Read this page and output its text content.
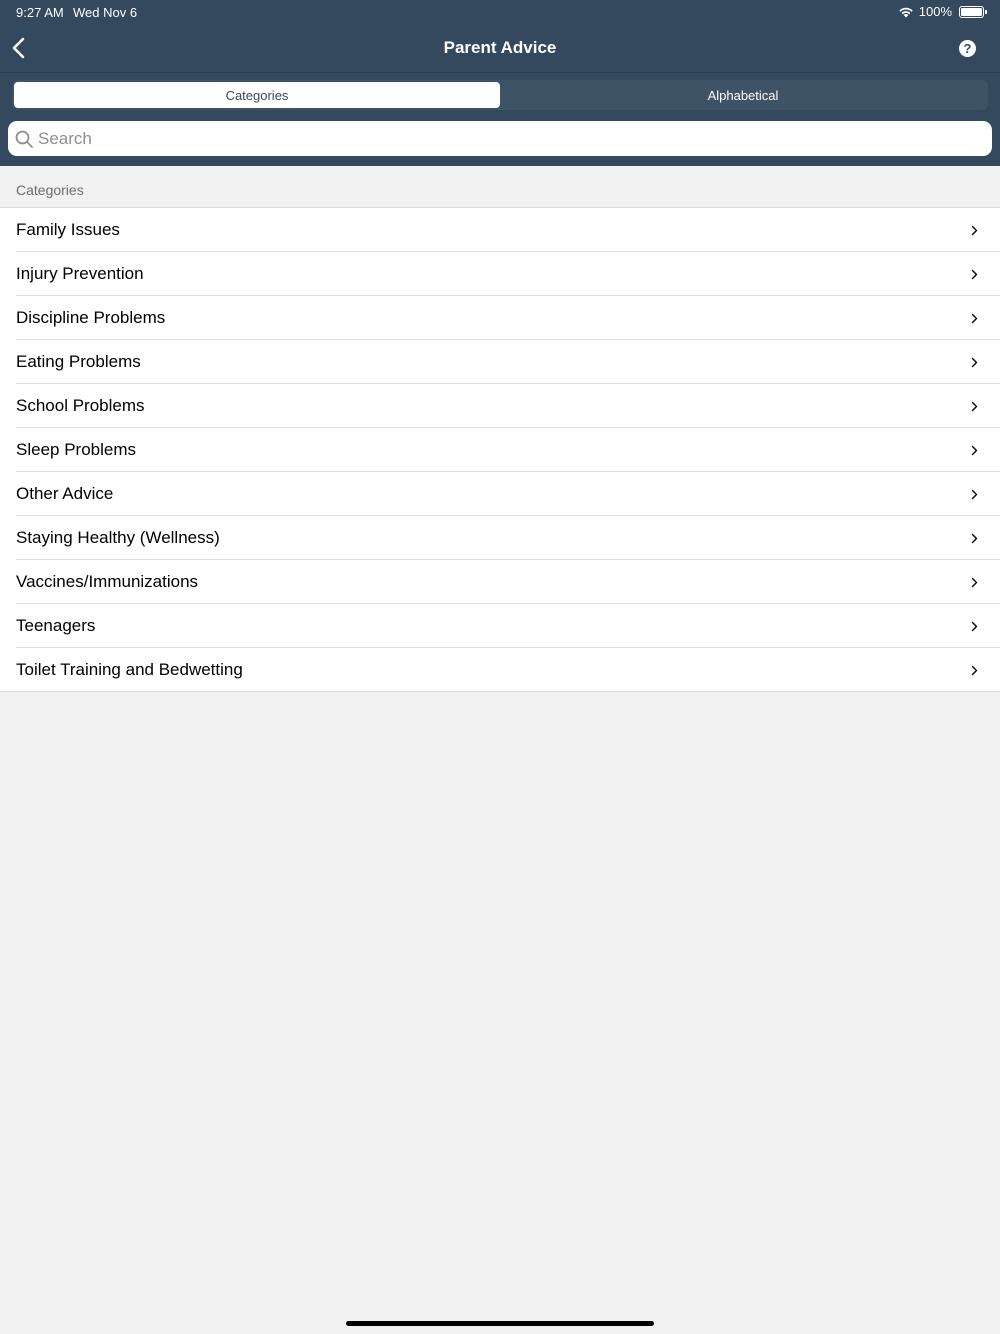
9:27 AM Wed Nov 6	100%
Parent Advice	?
Categories	Alphabetical
Search
Categories
Family Issues
Injury Prevention
Discipline Problems
Eating Problems
School Problems
Sleep Problems
Other Advice
Staying Healthy (Wellness)
Vaccines/Immunizations
Teenagers
Toilet Training and Bedwetting
